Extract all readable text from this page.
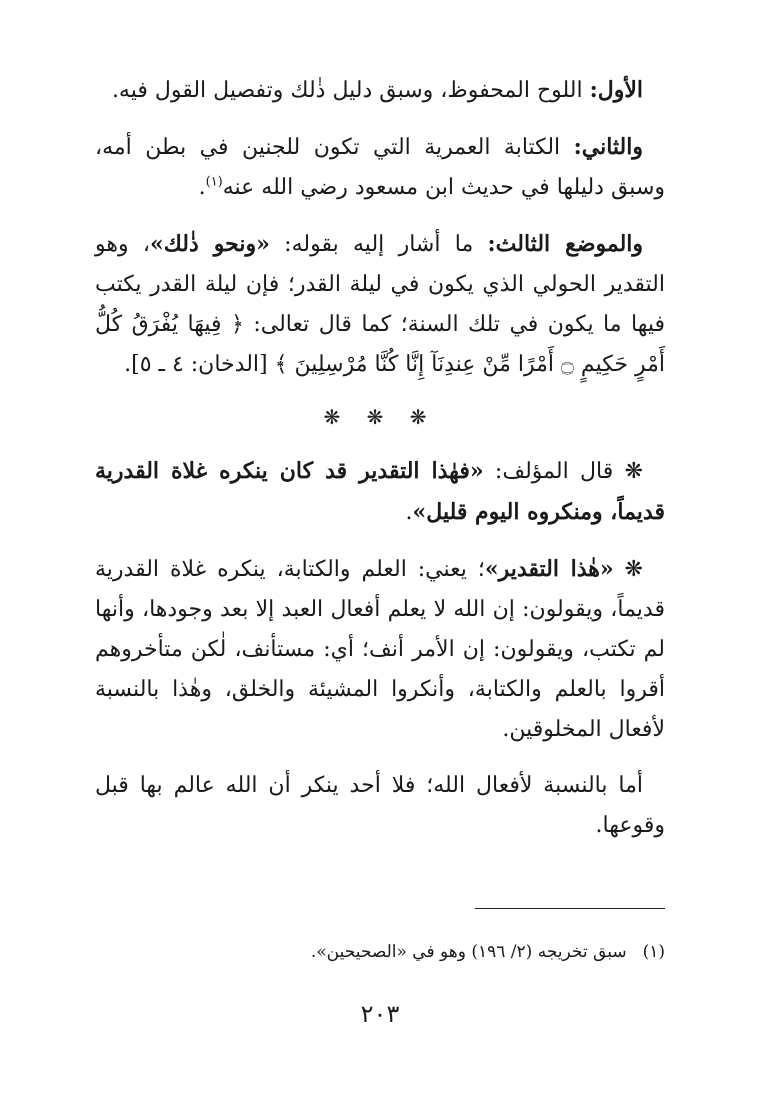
الأول: اللوح المحفوظ، وسبق دليل ذٰلك وتفصيل القول فيه.

والثاني: الكتابة العمرية التي تكون للجنين في بطن أمه، وسبق دليلها في حديث ابن مسعود رضي الله عنه$^{(١)}$.

والموضع الثالث: ما أشار إليه بقوله: «ونحو ذٰلك»، وهو التقدير الحولي الذي يكون في ليلة القدر؛ فإن ليلة القدر يكتب فيها ما يكون في تلك السنة؛ كما قال تعالى: ﴿ فِيهَا يُفْرَقُ كُلُّ أَمْرٍ حَكِيمٍ ۝ أَمْرًا مِّنْ عِندِنَآ إِنَّا كُنَّا مُرْسِلِينَ ﴾ [الدخان: ٤ ـ ٥].

❋ ❋ ❋

❋ قال المؤلف: «فهٰذا التقدير قد كان ينكره غلاة القدرية قديماً، ومنكروه اليوم قليل».

❋ «هٰذا التقدير»؛ يعني: العلم والكتابة، ينكره غلاة القدرية قديماً، ويقولون: إن الله لا يعلم أفعال العبد إلا بعد وجودها، وأنها لم تكتب، ويقولون: إن الأمر أنف؛ أي: مستأنف، لٰكن متأخروهم أقروا بالعلم والكتابة، وأنكروا المشيئة والخلق، وهٰذا بالنسبة لأفعال المخلوقين.

أما بالنسبة لأفعال الله؛ فلا أحد ينكر أن الله عالم بها قبل وقوعها.

(١)سبق تخريجه (٢/ ١٩٦) وهو في «الصحيحين».
٢٠٣
